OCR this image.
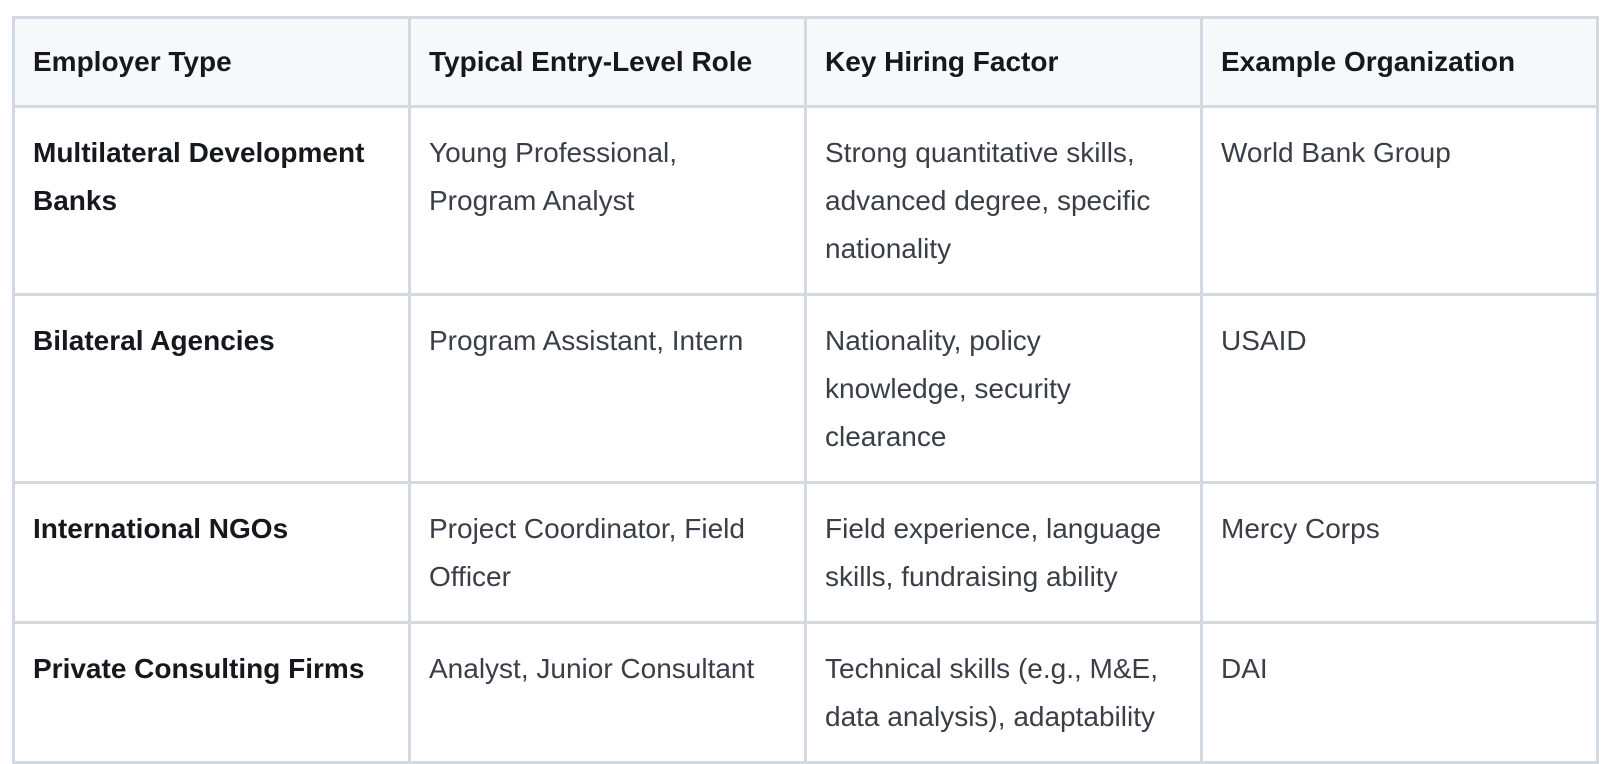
Employer Type	Typical Entry-Level Role	Key Hiring Factor	Example Organization
Multilateral Development Banks	Young Professional, Program Analyst	Strong quantitative skills, advanced degree, specific nationality	World Bank Group
Bilateral Agencies	Program Assistant, Intern	Nationality, policy knowledge, security clearance	USAID
International NGOs	Project Coordinator, Field Officer	Field experience, language skills, fundraising ability	Mercy Corps
Private Consulting Firms	Analyst, Junior Consultant	Technical skills (e.g., M&E, data analysis), adaptability	DAI
